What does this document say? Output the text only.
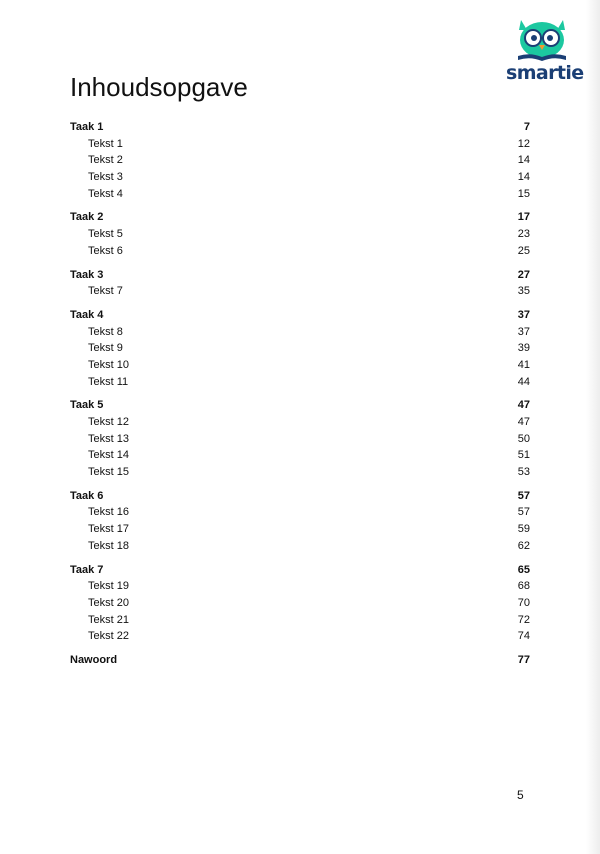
smartie
Inhoudsopgave
Taak 1	7
Tekst 1	12
Tekst 2	14
Tekst 3	14
Tekst 4	15
Taak 2	17
Tekst 5	23
Tekst 6	25
Taak 3	27
Tekst 7	35
Taak 4	37
Tekst 8	37
Tekst 9	39
Tekst 10	41
Tekst 11	44
Taak 5	47
Tekst 12	47
Tekst 13	50
Tekst 14	51
Tekst 15	53
Taak 6	57
Tekst 16	57
Tekst 17	59
Tekst 18	62
Taak 7	65
Tekst 19	68
Tekst 20	70
Tekst 21	72
Tekst 22	74
Nawoord	77
5
